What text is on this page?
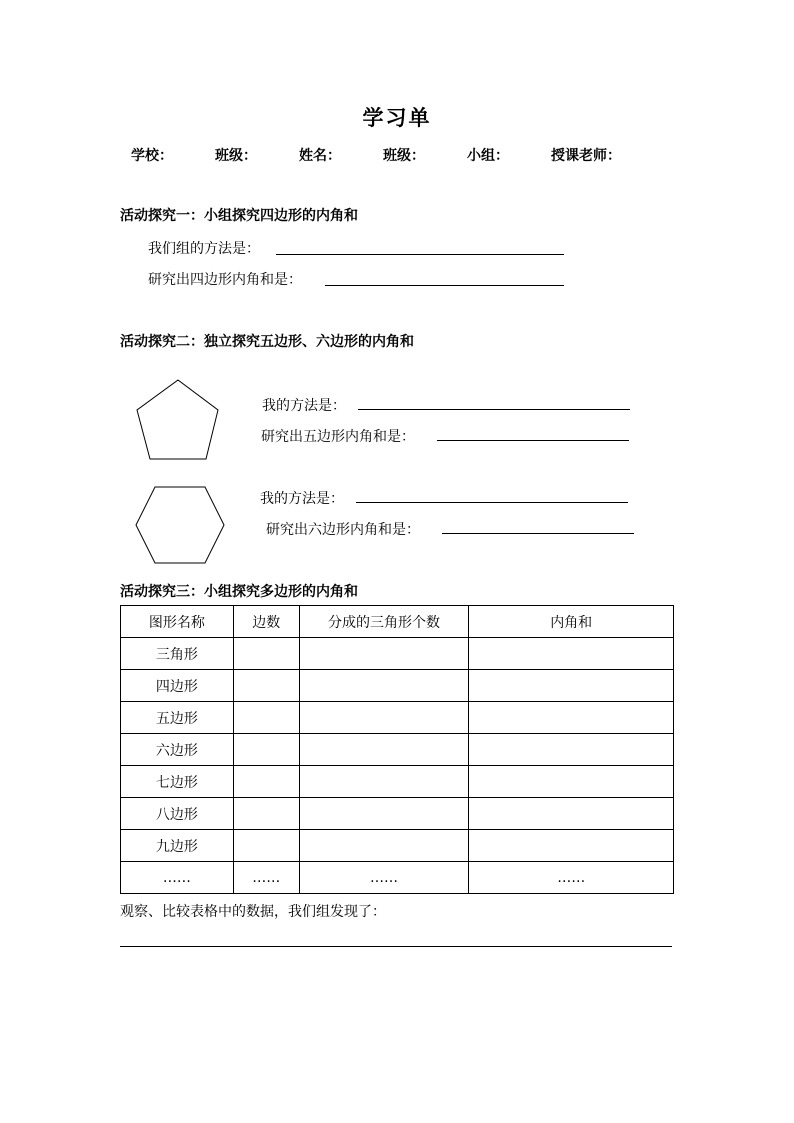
学习单
学校：	班级：	姓名：	班级：	小组：	授课老师：
活动探究一：小组探究四边形的内角和
我们组的方法是：
研究出四边形内角和是：
活动探究二：独立探究五边形、六边形的内角和
我的方法是：
研究出五边形内角和是：
我的方法是：
研究出六边形内角和是：
活动探究三：小组探究多边形的内角和
图形名称	边数	分成的三角形个数	内角和
三角形			
四边形			
五边形			
六边形			
七边形			
八边形			
九边形			
……	……	……	……
观察、比较表格中的数据，我们组发现了：
